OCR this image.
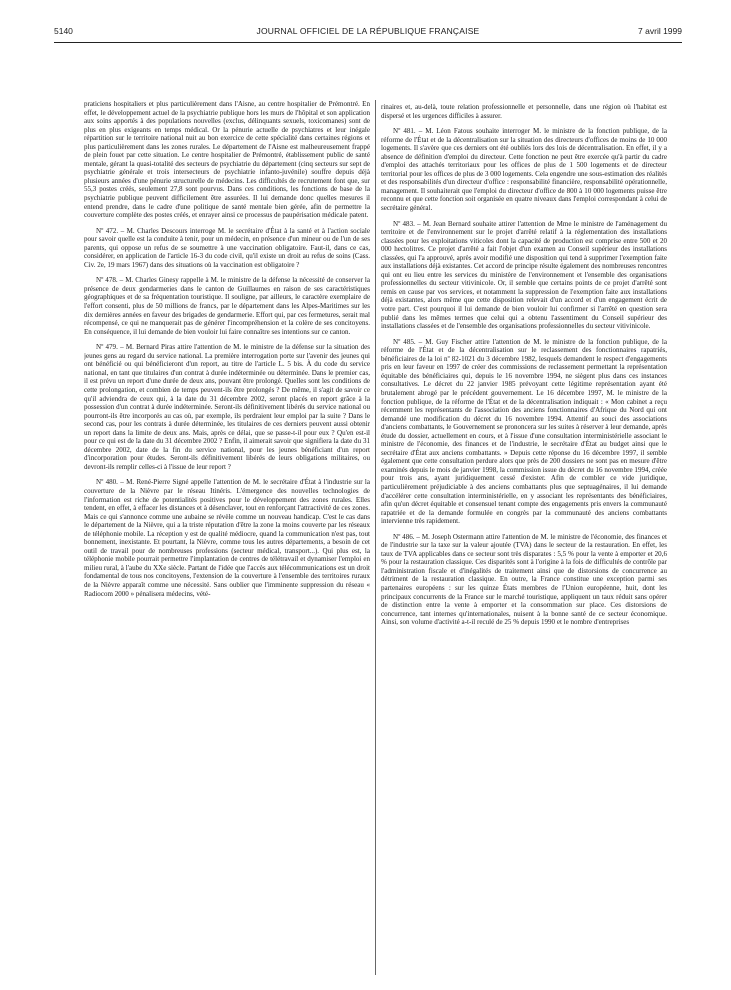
5140	JOURNAL OFFICIEL DE LA RÉPUBLIQUE FRANÇAISE	7 avril 1999

praticiens hospitaliers et plus particulièrement dans l'Aisne, au centre hospitalier de Prémontré. En effet, le développement actuel de la psychiatrie publique hors les murs de l'hôpital et son application aux soins apportés à des populations nouvelles (exclus, délinquants sexuels, toxicomanes) sont de plus en plus exigeants en temps médical. Or la pénurie actuelle de psychiatres et leur inégale répartition sur le territoire national nuit au bon exercice de cette spécialité dans certaines régions et plus particulièrement dans les zones rurales. Le département de l'Aisne est malheureusement frappé de plein fouet par cette situation. Le centre hospitalier de Prémontré, établissement public de santé mentale, gérant la quasi-totalité des secteurs de psychiatrie du département (cinq secteurs sur sept de psychiatrie générale et trois intersecteurs de psychiatrie infanto-juvénile) souffre depuis déjà plusieurs années d'une pénurie structurelle de médecins. Les difficultés de recrutement font que, sur 55,3 postes créés, seulement 27,8 sont pourvus. Dans ces conditions, les fonctions de base de la psychiatrie publique peuvent difficilement être assurées. Il lui demande donc quelles mesures il entend prendre, dans le cadre d'une politique de santé mentale bien gérée, afin de permettre la couverture complète des postes créés, et enrayer ainsi ce processus de paupérisation médicale patent.

Nº 472. – M. Charles Descours interroge M. le secrétaire d'État à la santé et à l'action sociale pour savoir quelle est la conduite à tenir, pour un médecin, en présence d'un mineur ou de l'un de ses parents, qui oppose un refus de se soumettre à une vaccination obligatoire. Faut-il, dans ce cas, considérer, en application de l'article 16-3 du code civil, qu'il existe un droit au refus de soins (Cass. Civ. 2e, 19 mars 1967) dans des situations où la vaccination est obligatoire ?

Nº 478. – M. Charles Ginesy rappelle à M. le ministre de la défense la nécessité de conserver la présence de deux gendarmeries dans le canton de Guillaumes en raison de ses caractéristiques géographiques et de sa fréquentation touristique. Il souligne, par ailleurs, le caractère exemplaire de l'effort consenti, plus de 50 millions de francs, par le département dans les Alpes-Maritimes sur les dix dernières années en faveur des brigades de gendarmerie. Effort qui, par ces fermetures, serait mal récompensé, ce qui ne manquerait pas de générer l'incompréhension et la colère de ses concitoyens. En conséquence, il lui demande de bien vouloir lui faire connaître ses intentions sur ce canton.

Nº 479. – M. Bernard Piras attire l'attention de M. le ministre de la défense sur la situation des jeunes gens au regard du service national. La première interrogation porte sur l'avenir des jeunes qui ont bénéficié ou qui bénéficieront d'un report, au titre de l'article L. 5 bis. À du code du service national, en tant que titulaires d'un contrat à durée indéterminée ou déterminée. Dans le premier cas, il est prévu un report d'une durée de deux ans, pouvant être prolongé. Quelles sont les conditions de cette prolongation, et combien de temps peuvent-ils être prolongés ? De même, il s'agit de savoir ce qu'il adviendra de ceux qui, à la date du 31 décembre 2002, seront placés en report grâce à la possession d'un contrat à durée indéterminée. Seront-ils définitivement libérés du service national ou pourront-ils être incorporés au cas où, par exemple, ils perdraient leur emploi par la suite ? Dans le second cas, pour les contrats à durée déterminée, les titulaires de ces derniers peuvent aussi obtenir un report dans la limite de deux ans. Mais, après ce délai, que se passe-t-il pour eux ? Qu'en est-il pour ce qui est de la date du 31 décembre 2002 ? Enfin, il aimerait savoir que signifiera la date du 31 décembre 2002, date de la fin du service national, pour les jeunes bénéficiant d'un report d'incorporation pour études. Seront-ils définitivement libérés de leurs obligations militaires, ou devront-ils remplir celles-ci à l'issue de leur report ?

Nº 480. – M. René-Pierre Signé appelle l'attention de M. le secrétaire d'État à l'industrie sur la couverture de la Nièvre par le réseau Itinéris. L'émergence des nouvelles technologies de l'information est riche de potentialités positives pour le développement des zones rurales. Elles tendent, en effet, à effacer les distances et à désenclaver, tout en renforçant l'attractivité de ces zones. Mais ce qui s'annonce comme une aubaine se révèle comme un nouveau handicap. C'est le cas dans le département de la Nièvre, qui a la triste réputation d'être la zone la moins couverte par les réseaux de téléphonie mobile. La réception y est de qualité médiocre, quand la communication n'est pas, tout bonnement, inexistante. Et pourtant, la Nièvre, comme tous les autres départements, a besoin de cet outil de travail pour de nombreuses professions (secteur médical, transport...). Qui plus est, la téléphonie mobile pourrait permettre l'implantation de centres de télétravail et dynamiser l'emploi en milieu rural, à l'aube du XXe siècle. Partant de l'idée que l'accès aux télécommunications est un droit fondamental de tous nos concitoyens, l'extension de la couverture à l'ensemble des territoires ruraux de la Nièvre apparaît comme une nécessité. Sans oublier que l'imminente suppression du réseau « Radiocom 2000 » pénalisera médecins, vété-

rinaires et, au-delà, toute relation professionnelle et personnelle, dans une région où l'habitat est dispersé et les urgences difficiles à assurer.

Nº 481. – M. Léon Fatous souhaite interroger M. le ministre de la fonction publique, de la réforme de l'État et de la décentralisation sur la situation des directeurs d'offices de moins de 10 000 logements. Il s'avère que ces derniers ont été oubliés lors des lois de décentralisation. En effet, il y a absence de définition d'emploi du directeur. Cette fonction ne peut être exercée qu'à partir du cadre d'emploi des attachés territoriaux pour les offices de plus de 1 500 logements et de directeur territorial pour les offices de plus de 3 000 logements. Cela engendre une sous-estimation des réalités et des responsabilités d'un directeur d'office : responsabilité financière, responsabilité opérationnelle, management. Il souhaiterait que l'emploi du directeur d'office de 800 à 10 000 logements puisse être reconnu et que cette fonction soit organisée en quatre niveaux dans l'emploi correspondant à celui de secrétaire général.

Nº 483. – M. Jean Bernard souhaite attirer l'attention de Mme le ministre de l'aménagement du territoire et de l'environnement sur le projet d'arrêté relatif à la réglementation des installations classées pour les exploitations viticoles dont la capacité de production est comprise entre 500 et 20 000 hectolitres. Ce projet d'arrêté a fait l'objet d'un examen au Conseil supérieur des installations classées, qui l'a approuvé, après avoir modifié une disposition qui tend à supprimer l'exemption faite aux installations déjà existantes. Cet accord de principe résulte également des nombreuses rencontres qui ont eu lieu entre les services du ministère de l'environnement et l'ensemble des organisations professionnelles du secteur vitivinicole. Or, il semble que certains points de ce projet d'arrêté sont remis en cause par vos services, et notamment la suppression de l'exemption faite aux installations déjà existantes, alors même que cette disposition relevait d'un accord et d'un engagement écrit de votre part. C'est pourquoi il lui demande de bien vouloir lui confirmer si l'arrêté en question sera publié dans les mêmes termes que celui qui a obtenu l'assentiment du Conseil supérieur des installations classées et de l'ensemble des organisations professionnelles du secteur vitivinicole.

Nº 485. – M. Guy Fischer attire l'attention de M. le ministre de la fonction publique, de la réforme de l'État et de la décentralisation sur le reclassement des fonctionnaires rapatriés, bénéficiaires de la loi nº 82-1021 du 3 décembre 1982, lesquels demandent le respect d'engagements pris en leur faveur en 1997 de créer des commissions de reclassement permettant la représentation équitable des bénéficiaires qui, depuis le 16 novembre 1994, ne siègent plus dans ces instances consultatives. Le décret du 22 janvier 1985 prévoyant cette légitime représentation ayant été brutalement abrogé par le précédent gouvernement. Le 16 décembre 1997, M. le ministre de la fonction publique, de la réforme de l'État et de la décentralisation indiquait : « Mon cabinet a reçu récemment les représentants de l'association des anciens fonctionnaires d'Afrique du Nord qui ont demandé une modification du décret du 16 novembre 1994. Attentif au souci des associations d'anciens combattants, le Gouvernement se prononcera sur les suites à réserver à leur demande, après étude du dossier, actuellement en cours, et à l'issue d'une consultation interministérielle associant le ministre de l'économie, des finances et de l'industrie, le secrétaire d'État au budget ainsi que le secrétaire d'État aux anciens combattants. » Depuis cette réponse du 16 décembre 1997, il semble également que cette consultation perdure alors que près de 200 dossiers ne sont pas en mesure d'être examinés depuis le mois de janvier 1998, la commission issue du décret du 16 novembre 1994, créée pour trois ans, ayant juridiquement cessé d'exister. Afin de combler ce vide juridique, particulièrement préjudiciable à des anciens combattants plus que septuagénaires, il lui demande d'accélérer cette consultation interministérielle, en y associant les représentants des bénéficiaires, afin qu'un décret équitable et consensuel tenant compte des engagements pris envers la communauté rapatriée et de la demande formulée en congrès par la communauté des anciens combattants intervienne très rapidement.

Nº 486. – M. Joseph Ostermann attire l'attention de M. le ministre de l'économie, des finances et de l'industrie sur la taxe sur la valeur ajoutée (TVA) dans le secteur de la restauration. En effet, les taux de TVA applicables dans ce secteur sont très disparates : 5,5 % pour la vente à emporter et 20,6 % pour la restauration classique. Ces disparités sont à l'origine à la fois de difficultés de contrôle par l'administration fiscale et d'inégalités de traitement ainsi que de distorsions de concurrence au détriment de la restauration classique. En outre, la France constitue une exception parmi ses partenaires européens : sur les quinze États membres de l'Union européenne, huit, dont les principaux concurrents de la France sur le marché touristique, appliquent un taux réduit sans opérer de distinction entre la vente à emporter et la consommation sur place. Ces distorsions de concurrence, tant internes qu'internationales, nuisent à la bonne santé de ce secteur économique. Ainsi, son volume d'activité a-t-il reculé de 25 % depuis 1990 et le nombre d'entreprises
